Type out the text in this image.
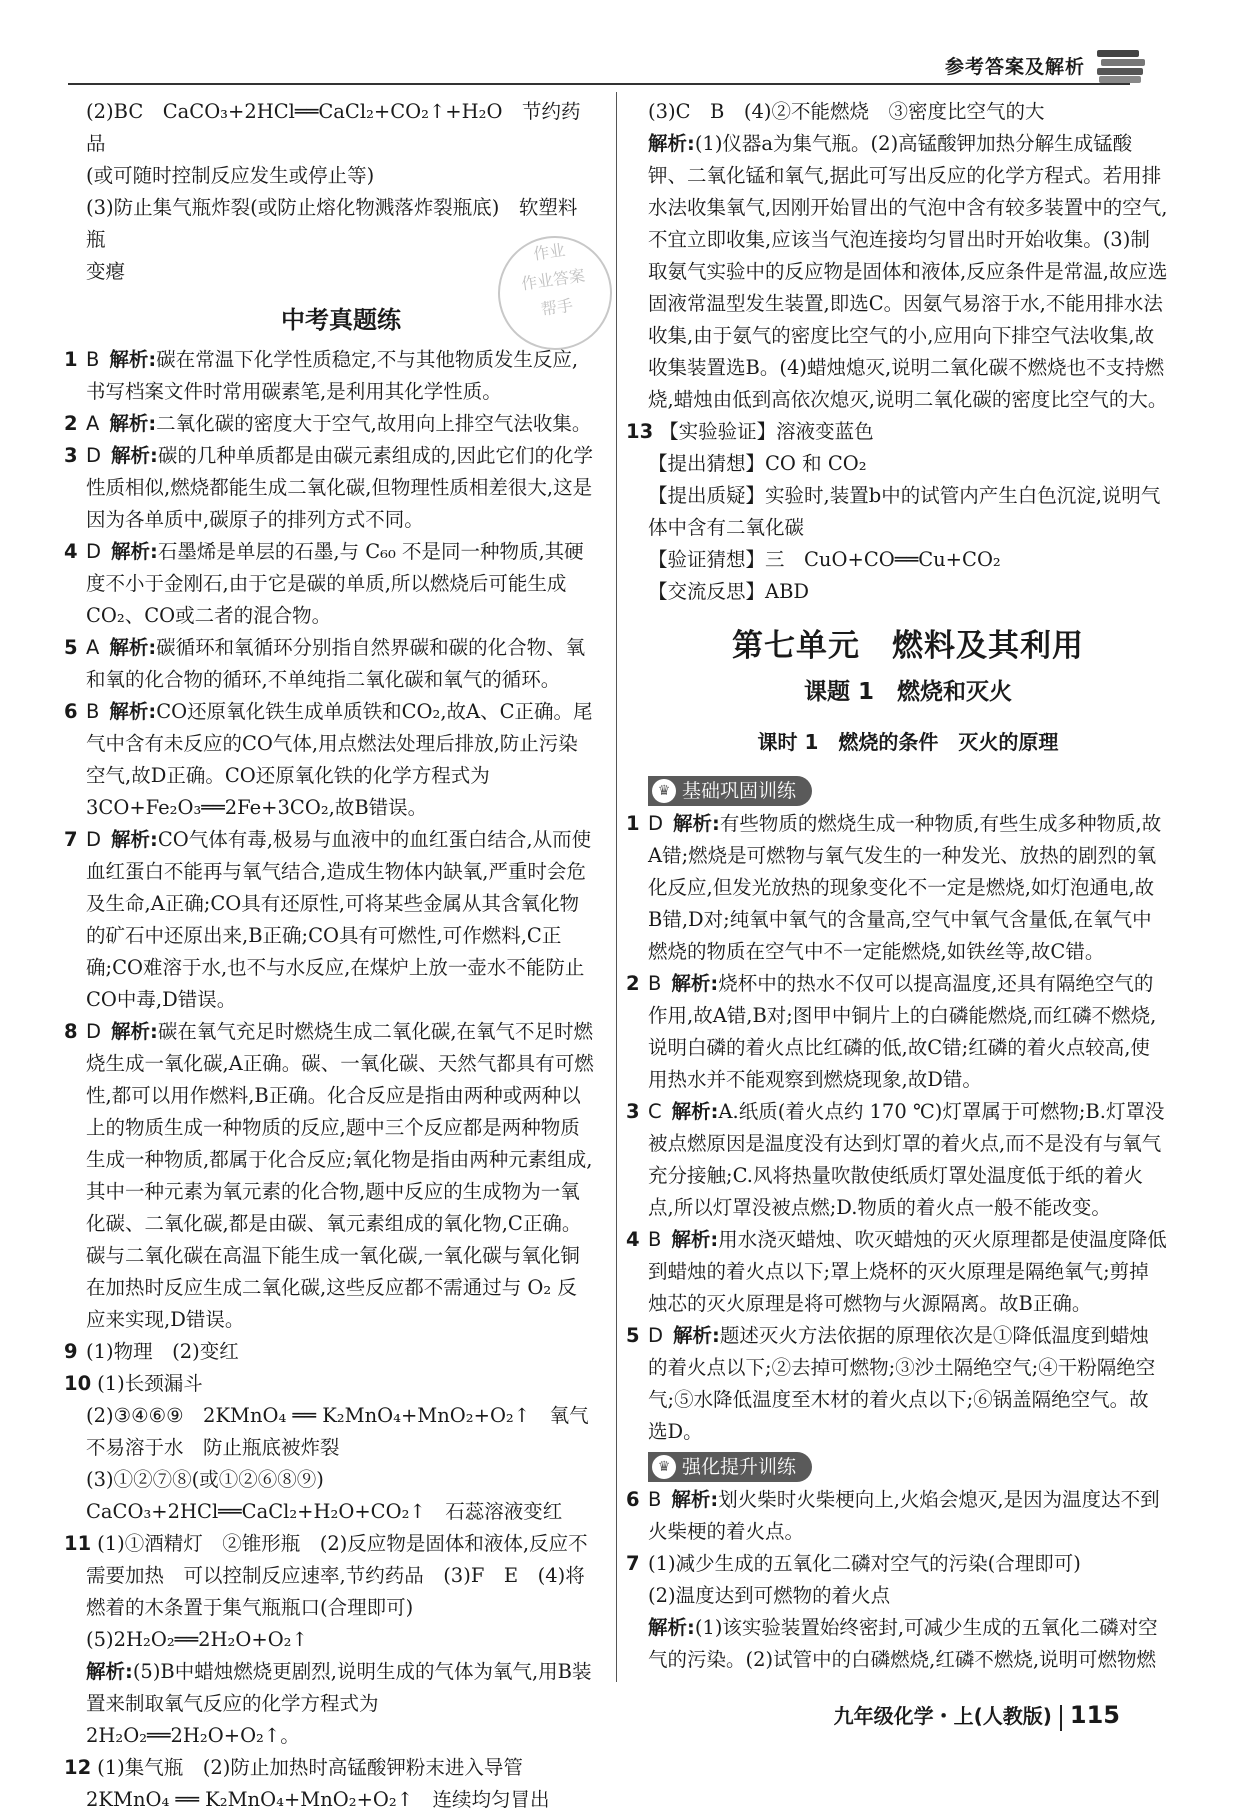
参考答案及解析
作业
作业答案
帮手

(2)BC　CaCO₃+2HCl══CaCl₂+CO₂↑+H₂O　节约药品

(或可随时控制反应发生或停止等)

(3)防止集气瓶炸裂(或防止熔化物溅落炸裂瓶底)　软塑料瓶

变瘪

中考真题练

1 B 解析:碳在常温下化学性质稳定,不与其他物质发生反应,书写档案文件时常用碳素笔,是利用其化学性质。

2 A 解析:二氧化碳的密度大于空气,故用向上排空气法收集。

3 D 解析:碳的几种单质都是由碳元素组成的,因此它们的化学性质相似,燃烧都能生成二氧化碳,但物理性质相差很大,这是因为各单质中,碳原子的排列方式不同。

4 D 解析:石墨烯是单层的石墨,与 C₆₀ 不是同一种物质,其硬度不小于金刚石,由于它是碳的单质,所以燃烧后可能生成CO₂、CO或二者的混合物。

5 A 解析:碳循环和氧循环分别指自然界碳和碳的化合物、氧和氧的化合物的循环,不单纯指二氧化碳和氧气的循环。

6 B 解析:CO还原氧化铁生成单质铁和CO₂,故A、C正确。尾气中含有未反应的CO气体,用点燃法处理后排放,防止污染空气,故D正确。CO还原氧化铁的化学方程式为 3CO+Fe₂O₃══2Fe+3CO₂,故B错误。

7 D 解析:CO气体有毒,极易与血液中的血红蛋白结合,从而使血红蛋白不能再与氧气结合,造成生物体内缺氧,严重时会危及生命,A正确;CO具有还原性,可将某些金属从其含氧化物的矿石中还原出来,B正确;CO具有可燃性,可作燃料,C正确;CO难溶于水,也不与水反应,在煤炉上放一壶水不能防止CO中毒,D错误。

8 D 解析:碳在氧气充足时燃烧生成二氧化碳,在氧气不足时燃烧生成一氧化碳,A正确。碳、一氧化碳、天然气都具有可燃性,都可以用作燃料,B正确。化合反应是指由两种或两种以上的物质生成一种物质的反应,题中三个反应都是两种物质生成一种物质,都属于化合反应;氧化物是指由两种元素组成,其中一种元素为氧元素的化合物,题中反应的生成物为一氧化碳、二氧化碳,都是由碳、氧元素组成的氧化物,C正确。碳与二氧化碳在高温下能生成一氧化碳,一氧化碳与氧化铜在加热时反应生成二氧化碳,这些反应都不需通过与 O₂ 反应来实现,D错误。

9 (1)物理　(2)变红

10 (1)长颈漏斗

(2)③④⑥⑨　2KMnO₄ ══ K₂MnO₄+MnO₂+O₂↑　氧气不易溶于水　防止瓶底被炸裂

(3)①②⑦⑧(或①②⑥⑧⑨)　CaCO₃+2HCl══CaCl₂+H₂O+CO₂↑　石蕊溶液变红

11 (1)①酒精灯　②锥形瓶　(2)反应物是固体和液体,反应不需要加热　可以控制反应速率,节约药品　(3)F　E　(4)将燃着的木条置于集气瓶瓶口(合理即可)　(5)2H₂O₂══2H₂O+O₂↑

解析:(5)B中蜡烛燃烧更剧烈,说明生成的气体为氧气,用B装置来制取氧气反应的化学方程式为 2H₂O₂══2H₂O+O₂↑。

12 (1)集气瓶　(2)防止加热时高锰酸钾粉末进入导管

2KMnO₄ ══ K₂MnO₄+MnO₂+O₂↑　连续均匀冒出

(3)C　B　(4)②不能燃烧　③密度比空气的大

解析:(1)仪器a为集气瓶。(2)高锰酸钾加热分解生成锰酸钾、二氧化锰和氧气,据此可写出反应的化学方程式。若用排水法收集氧气,因刚开始冒出的气泡中含有较多装置中的空气,不宜立即收集,应该当气泡连接均匀冒出时开始收集。(3)制取氨气实验中的反应物是固体和液体,反应条件是常温,故应选固液常温型发生装置,即选C。因氨气易溶于水,不能用排水法收集,由于氨气的密度比空气的小,应用向下排空气法收集,故收集装置选B。(4)蜡烛熄灭,说明二氧化碳不燃烧也不支持燃烧,蜡烛由低到高依次熄灭,说明二氧化碳的密度比空气的大。

13 【实验验证】溶液变蓝色

【提出猜想】CO 和 CO₂

【提出质疑】实验时,装置b中的试管内产生白色沉淀,说明气体中含有二氧化碳

【验证猜想】三　CuO+CO══Cu+CO₂

【交流反思】ABD

第七单元　燃料及其利用
课题 1　燃烧和灭火
课时 1　燃烧的条件　灭火的原理
♛ 基础巩固训练

1 D 解析:有些物质的燃烧生成一种物质,有些生成多种物质,故A错;燃烧是可燃物与氧气发生的一种发光、放热的剧烈的氧化反应,但发光放热的现象变化不一定是燃烧,如灯泡通电,故B错,D对;纯氧中氧气的含量高,空气中氧气含量低,在氧气中燃烧的物质在空气中不一定能燃烧,如铁丝等,故C错。

2 B 解析:烧杯中的热水不仅可以提高温度,还具有隔绝空气的作用,故A错,B对;图甲中铜片上的白磷能燃烧,而红磷不燃烧,说明白磷的着火点比红磷的低,故C错;红磷的着火点较高,使用热水并不能观察到燃烧现象,故D错。

3 C 解析:A.纸质(着火点约 170 ℃)灯罩属于可燃物;B.灯罩没被点燃原因是温度没有达到灯罩的着火点,而不是没有与氧气充分接触;C.风将热量吹散使纸质灯罩处温度低于纸的着火点,所以灯罩没被点燃;D.物质的着火点一般不能改变。

4 B 解析:用水浇灭蜡烛、吹灭蜡烛的灭火原理都是使温度降低到蜡烛的着火点以下;罩上烧杯的灭火原理是隔绝氧气;剪掉烛芯的灭火原理是将可燃物与火源隔离。故B正确。

5 D 解析:题述灭火方法依据的原理依次是①降低温度到蜡烛的着火点以下;②去掉可燃物;③沙土隔绝空气;④干粉隔绝空气;⑤水降低温度至木材的着火点以下;⑥锅盖隔绝空气。故选D。

♛ 强化提升训练

6 B 解析:划火柴时火柴梗向上,火焰会熄灭,是因为温度达不到火柴梗的着火点。

7 (1)减少生成的五氧化二磷对空气的污染(合理即可)

(2)温度达到可燃物的着火点

解析:(1)该实验装置始终密封,可减少生成的五氧化二磷对空气的污染。(2)试管中的白磷燃烧,红磷不燃烧,说明可燃物燃

九年级化学・上(人教版) 115
